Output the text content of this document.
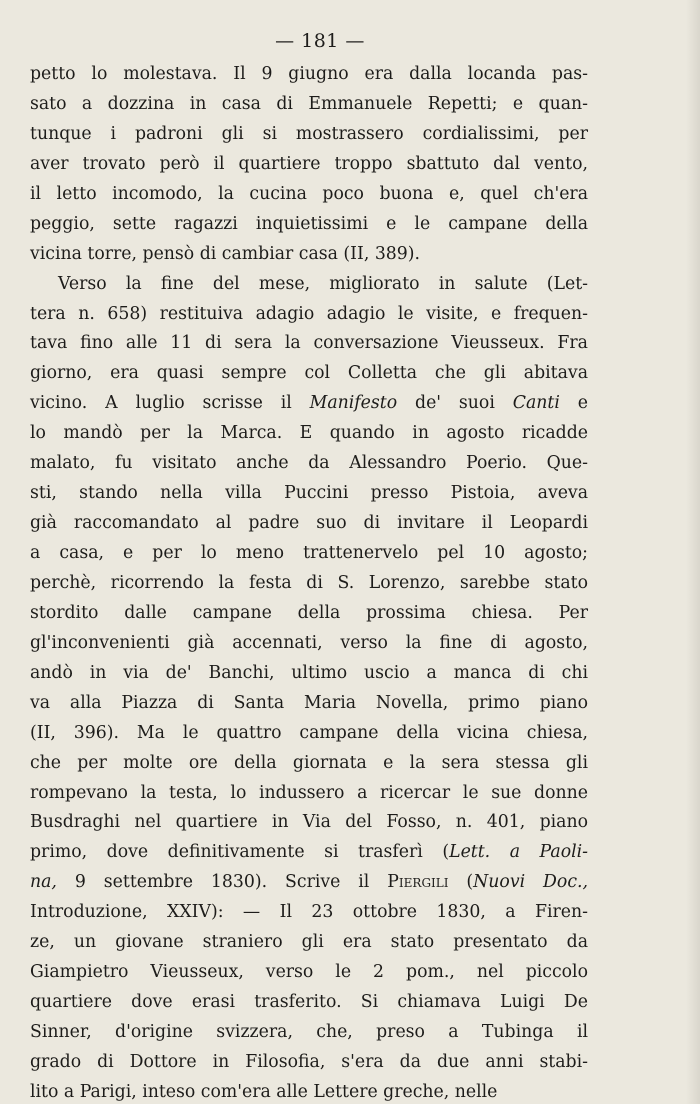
— 181 —
petto lo molestava. Il 9 giugno era dalla locanda pas-
sato a dozzina in casa di Emmanuele Repetti; e quan-
tunque i padroni gli si mostrassero cordialissimi, per
aver trovato però il quartiere troppo sbattuto dal vento,
il letto incomodo, la cucina poco buona e, quel ch'era
peggio, sette ragazzi inquietissimi e le campane della
vicina torre, pensò di cambiar casa (II, 389).
Verso la fine del mese, migliorato in salute (Let-
tera n. 658) restituiva adagio adagio le visite, e frequen-
tava fino alle 11 di sera la conversazione Vieusseux. Fra
giorno, era quasi sempre col Colletta che gli abitava
vicino. A luglio scrisse il Manifesto de' suoi Canti e
lo mandò per la Marca. E quando in agosto ricadde
malato, fu visitato anche da Alessandro Poerio. Que-
sti, stando nella villa Puccini presso Pistoia, aveva
già raccomandato al padre suo di invitare il Leopardi
a casa, e per lo meno trattenervelo pel 10 agosto;
perchè, ricorrendo la festa di S. Lorenzo, sarebbe stato
stordito dalle campane della prossima chiesa. Per
gl'inconvenienti già accennati, verso la fine di agosto,
andò in via de' Banchi, ultimo uscio a manca di chi
va alla Piazza di Santa Maria Novella, primo piano
(II, 396). Ma le quattro campane della vicina chiesa,
che per molte ore della giornata e la sera stessa gli
rompevano la testa, lo indussero a ricercar le sue donne
Busdraghi nel quartiere in Via del Fosso, n. 401, piano
primo, dove definitivamente si trasferì (Lett. a Paoli-
na, 9 settembre 1830). Scrive il Piergili (Nuovi Doc.,
Introduzione, XXIV): — Il 23 ottobre 1830, a Firen-
ze, un giovane straniero gli era stato presentato da
Giampietro Vieusseux, verso le 2 pom., nel piccolo
quartiere dove erasi trasferito. Si chiamava Luigi De
Sinner, d'origine svizzera, che, preso a Tubinga il
grado di Dottore in Filosofia, s'era da due anni stabi-
lito a Parigi, inteso com'era alle Lettere greche, nelle
